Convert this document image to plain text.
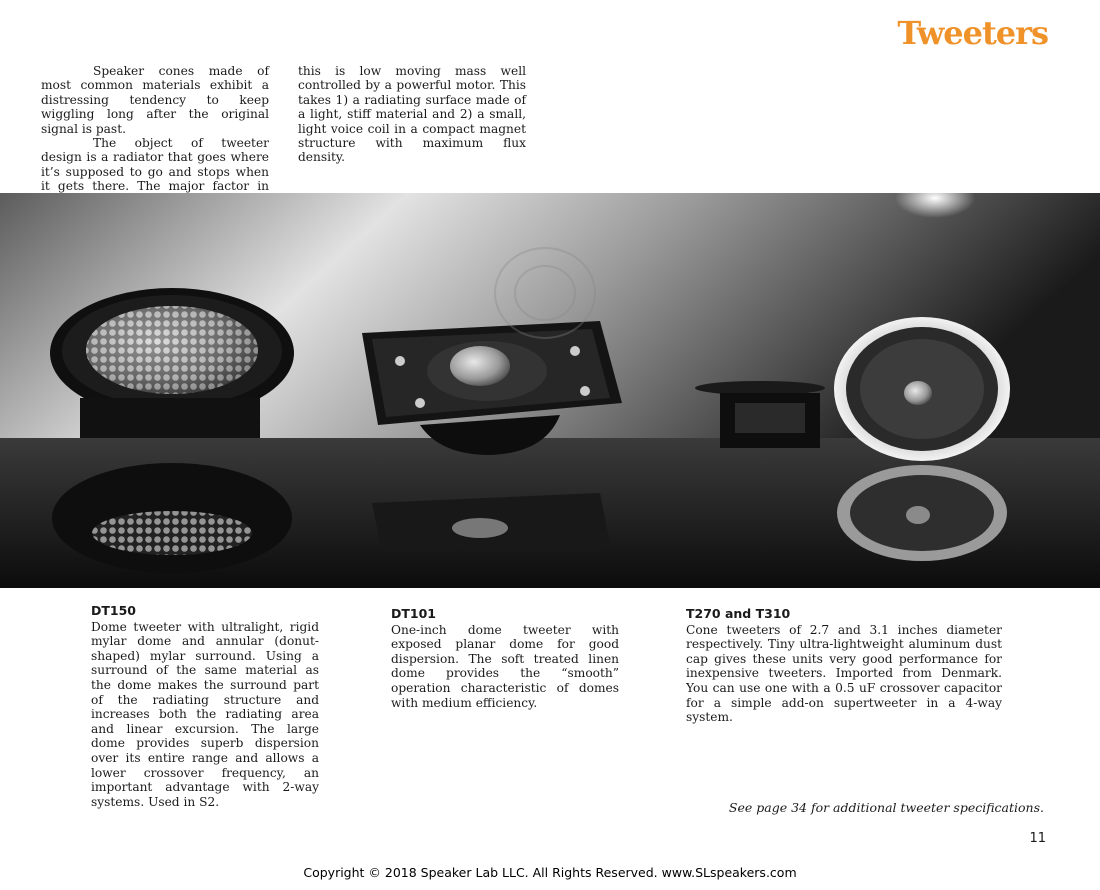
Tweeters

Speaker cones made of most common materials exhibit a distressing tendency to keep wiggling long after the original signal is past.

The object of tweeter design is a radiator that goes where it’s supposed to go and stops when it gets there. The major factor in

this is low moving mass well controlled by a powerful motor. This takes 1) a radiating surface made of a light, stiff material and 2) a small, light voice coil in a compact magnet structure with maximum flux density.

DT150

Dome tweeter with ultralight, rigid mylar dome and annular (donut-shaped) mylar surround. Using a surround of the same material as the dome makes the surround part of the radiating structure and increases both the radiating area and linear excursion. The large dome provides superb dispersion over its entire range and allows a lower crossover frequency, an important advantage with 2-way systems. Used in S2.

DT101

One-inch dome tweeter with exposed planar dome for good dispersion. The soft treated linen dome provides the “smooth” operation characteristic of domes with medium efficiency.

T270 and T310

Cone tweeters of 2.7 and 3.1 inches diameter respectively. Tiny ultra-lightweight aluminum dust cap gives these units very good performance for inexpensive tweeters. Imported from Denmark. You can use one with a 0.5 uF crossover capacitor for a simple add-on supertweeter in a 4-way system.

See page 34 for additional tweeter specifications.
11
Copyright © 2018 Speaker Lab LLC. All Rights Reserved. www.SLspeakers.com
